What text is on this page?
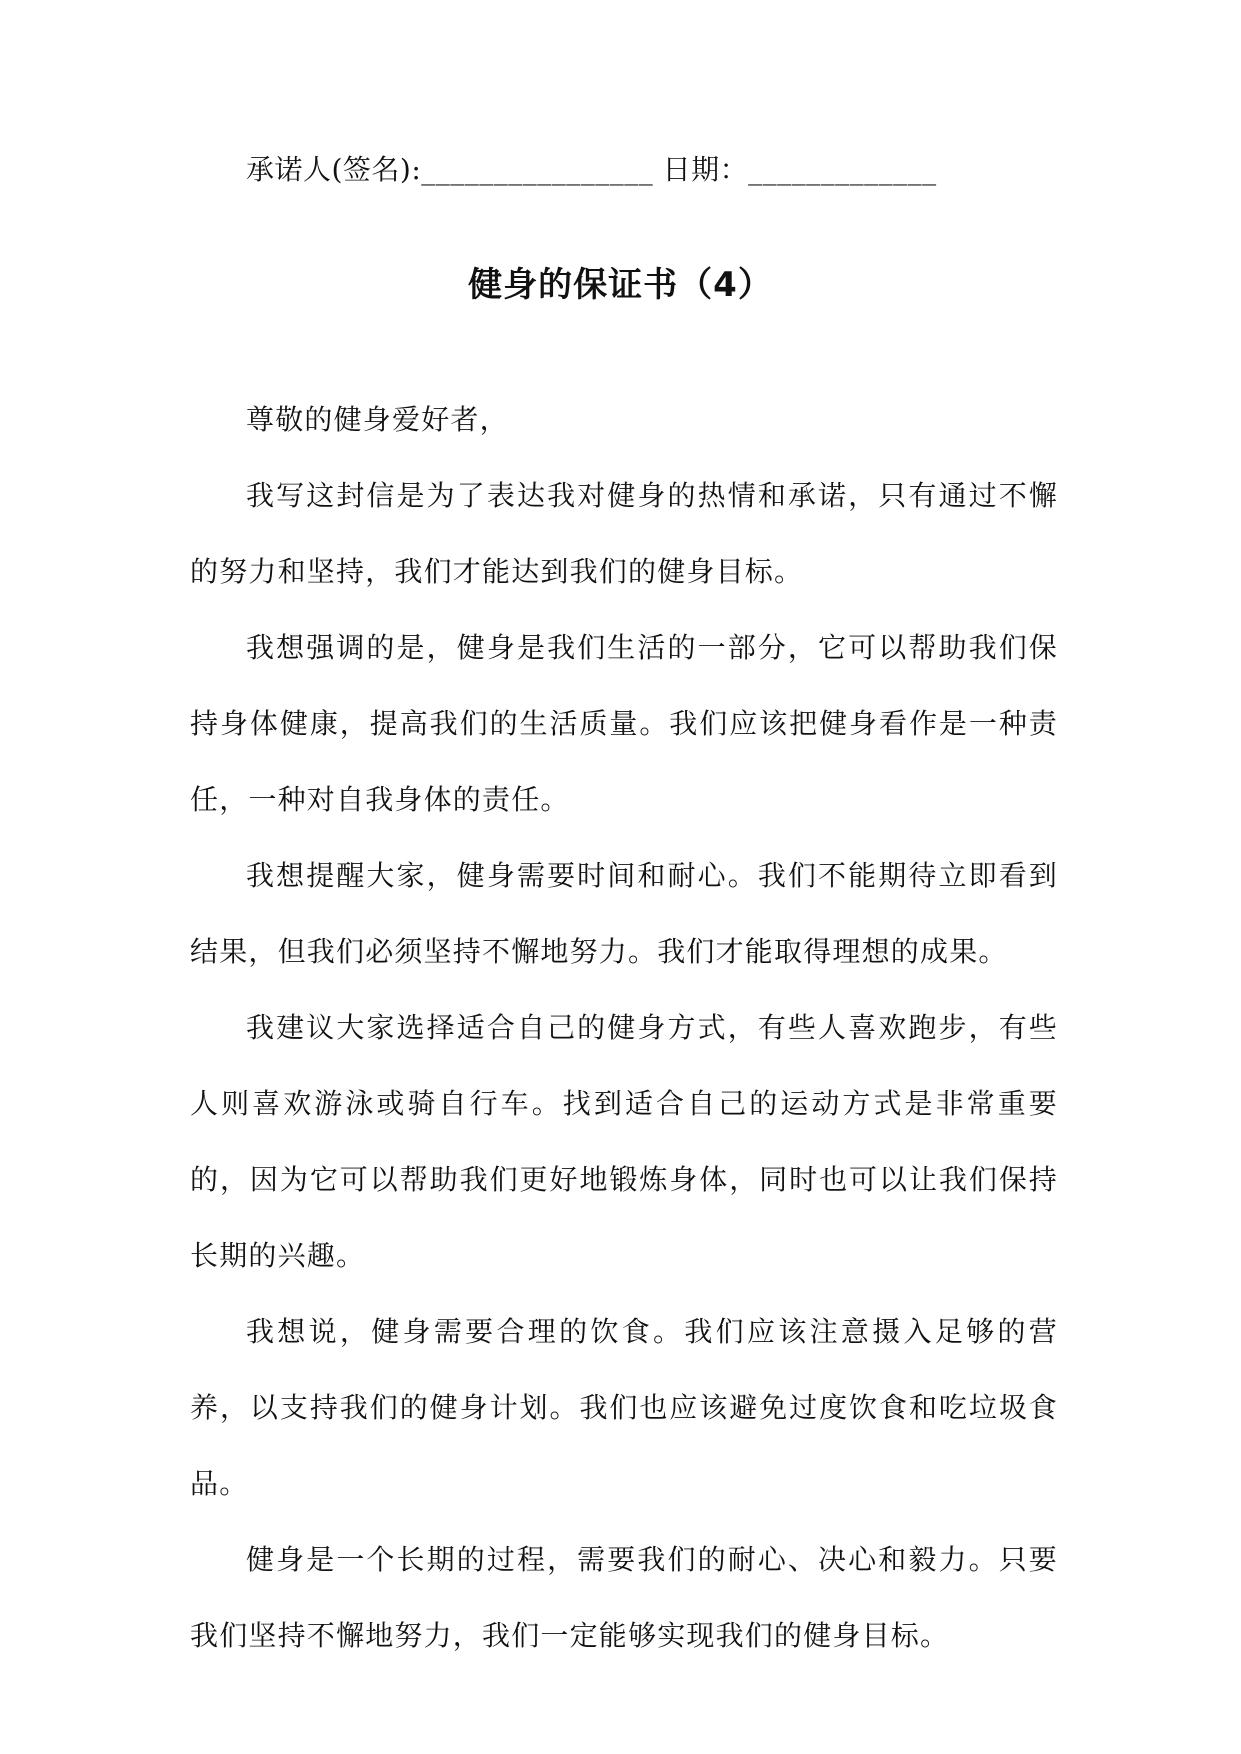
承诺人(签名):________________ 日期：_____________
健身的保证书（4）

尊敬的健身爱好者，

我写这封信是为了表达我对健身的热情和承诺，只有通过不懈的努力和坚持，我们才能达到我们的健身目标。

我想强调的是，健身是我们生活的一部分，它可以帮助我们保持身体健康，提高我们的生活质量。我们应该把健身看作是一种责任，一种对自我身体的责任。

我想提醒大家，健身需要时间和耐心。我们不能期待立即看到结果，但我们必须坚持不懈地努力。我们才能取得理想的成果。

我建议大家选择适合自己的健身方式，有些人喜欢跑步，有些人则喜欢游泳或骑自行车。找到适合自己的运动方式是非常重要的，因为它可以帮助我们更好地锻炼身体，同时也可以让我们保持长期的兴趣。

我想说，健身需要合理的饮食。我们应该注意摄入足够的营养，以支持我们的健身计划。我们也应该避免过度饮食和吃垃圾食品。

健身是一个长期的过程，需要我们的耐心、决心和毅力。只要我们坚持不懈地努力，我们一定能够实现我们的健身目标。
